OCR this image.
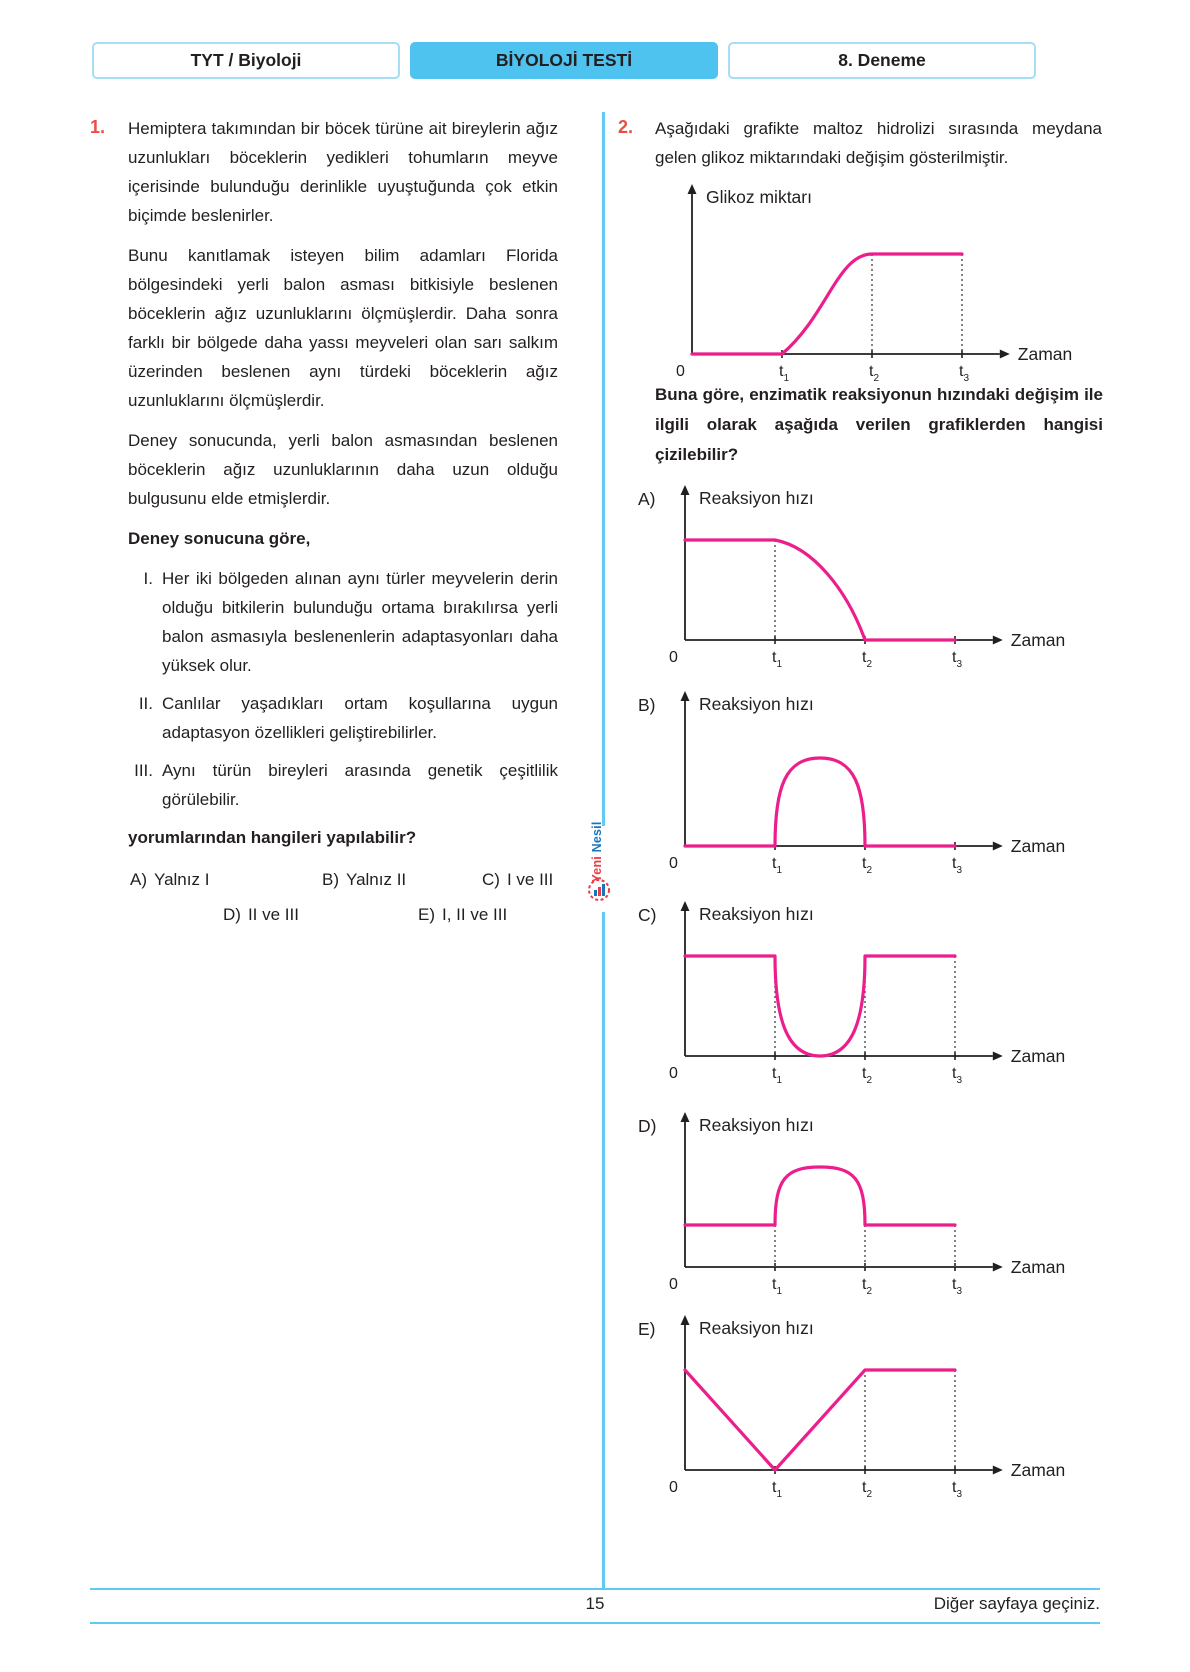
TYT / Biyoloji	BİYOLOJİ TESTİ	8. Deneme
Yeni Nesil
1. Hemiptera takımından bir böcek türüne ait bireylerin ağız uzunlukları böceklerin yedikleri tohumların meyve içerisinde bulunduğu derinlikle uyuştuğunda çok etkin biçimde beslenirler.

Bunu kanıtlamak isteyen bilim adamları Florida bölgesindeki yerli balon asması bitkisiyle beslenen böceklerin ağız uzunluklarını ölçmüşlerdir. Daha sonra farklı bir bölgede daha yassı meyveleri olan sarı salkım üzerinden beslenen aynı türdeki böceklerin ağız uzunluklarını ölçmüşlerdir.

Deney sonucunda, yerli balon asmasından beslenen böceklerin ağız uzunluklarının daha uzun olduğu bulgusunu elde etmişlerdir.

Deney sonucuna göre,

I. Her iki bölgeden alınan aynı türler meyvelerin derin olduğu bitkilerin bulunduğu ortama bırakılırsa yerli balon asmasıyla beslenenlerin adaptasyonları daha yüksek olur.
II. Canlılar yaşadıkları ortam koşullarına uygun adaptasyon özellikleri geliştirebilirler.
III. Aynı türün bireyleri arasında genetik çeşitlilik görülebilir.

yorumlarından hangileri yapılabilir?

A) Yalnız I	B) Yalnız II	C) I ve III
D) II ve III	E) I, II ve III
2. Aşağıdaki grafikte maltoz hidrolizi sırasında meydana gelen glikoz miktarındaki değişim gösterilmiştir.

0	$t_1$	$t_2$	$t_3$
Glikoz miktarı
Zaman
Buna göre, enzimatik reaksiyonun hızındaki değişim ile ilgili olarak aşağıda verilen grafiklerden hangisi çizilebilir?
0	$t_1$	$t_2$	$t_3$
A) Reaksiyon hızı
Zaman
0	$t_1$	$t_2$	$t_3$
B) Reaksiyon hızı
Zaman
0	$t_1$	$t_2$	$t_3$
C) Reaksiyon hızı
Zaman
0	$t_1$	$t_2$	$t_3$
D) Reaksiyon hızı
Zaman
0	$t_1$	$t_2$	$t_3$
E) Reaksiyon hızı
Zaman
15	Diğer sayfaya geçiniz.
